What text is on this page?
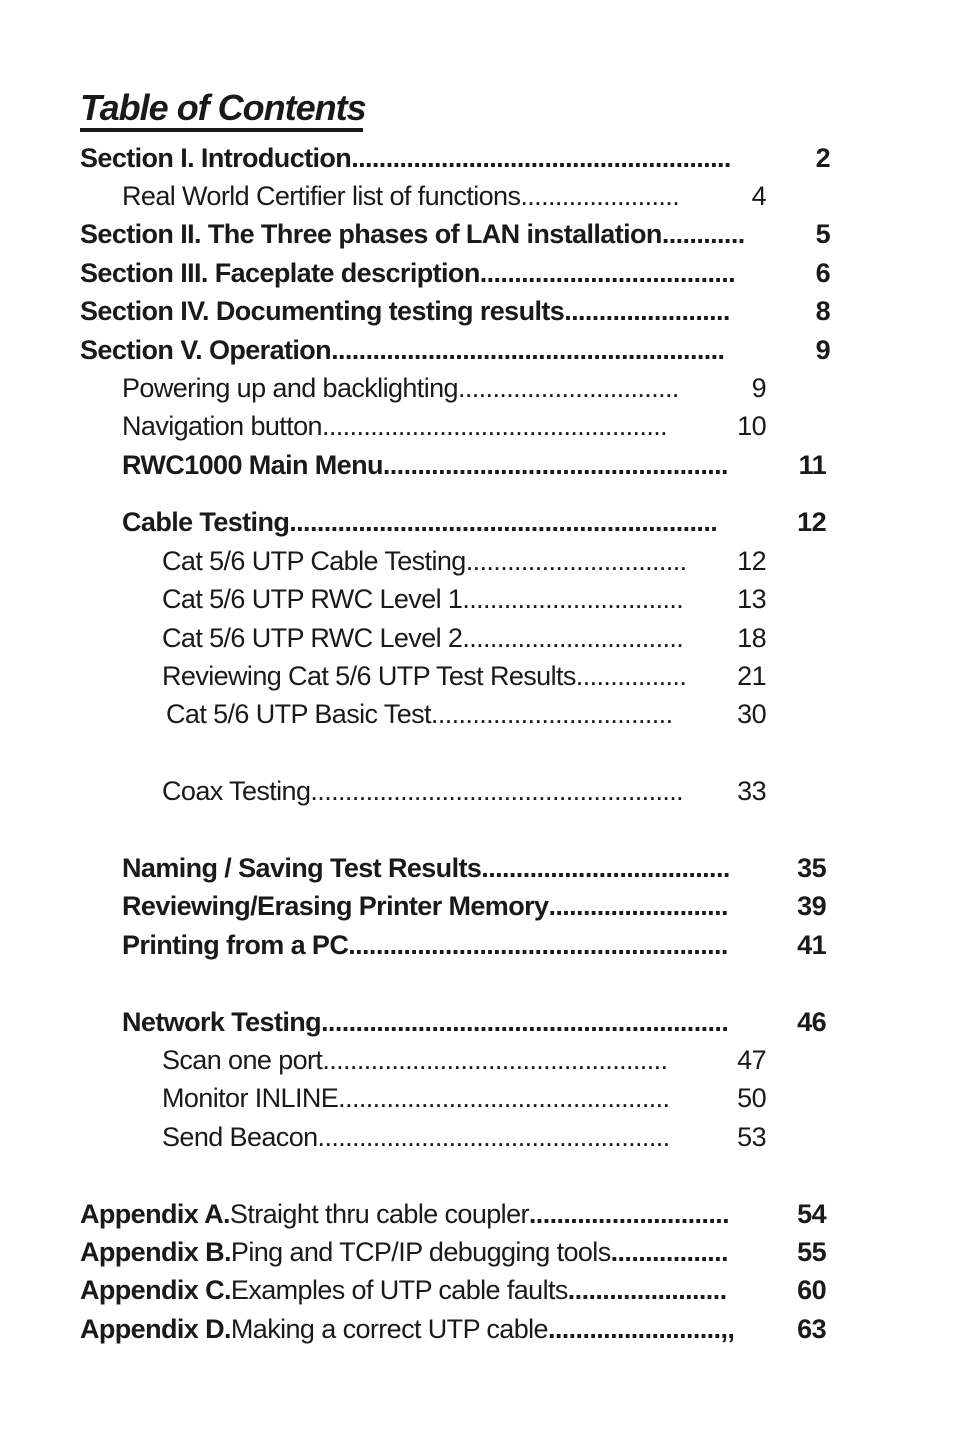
Table of Contents
Section I. Introduction .......................................................	2
Real World Certifier list of functions .......................	4
Section II. The Three phases of LAN installation ............	5
Section III. Faceplate description .....................................	6
Section IV. Documenting testing results ........................	8
Section V. Operation .........................................................	9
Powering up and backlighting ................................	9
Navigation button ..................................................	10
RWC1000 Main Menu ..................................................	11
Cable Testing ..............................................................	12
Cat 5/6 UTP Cable Testing ................................	12
Cat 5/6 UTP RWC Level 1 ................................	13
Cat 5/6 UTP RWC Level 2 ................................	18
Reviewing Cat 5/6 UTP Test Results ................	21
Cat 5/6 UTP Basic Test ...................................	30
Coax Testing ......................................................	33
Naming / Saving Test Results ....................................	35
Reviewing/Erasing Printer Memory ..........................	39
Printing from a PC .......................................................	41
Network Testing ...........................................................	46
Scan one port ..................................................	47
Monitor INLINE ................................................	50
Send Beacon ...................................................	53
Appendix A. Straight thru cable coupler .............................	54
Appendix B. Ping and TCP/IP debugging tools .................	55
Appendix C. Examples of UTP cable faults .......................	60
Appendix D. Making a correct UTP cable .........................,,	63
